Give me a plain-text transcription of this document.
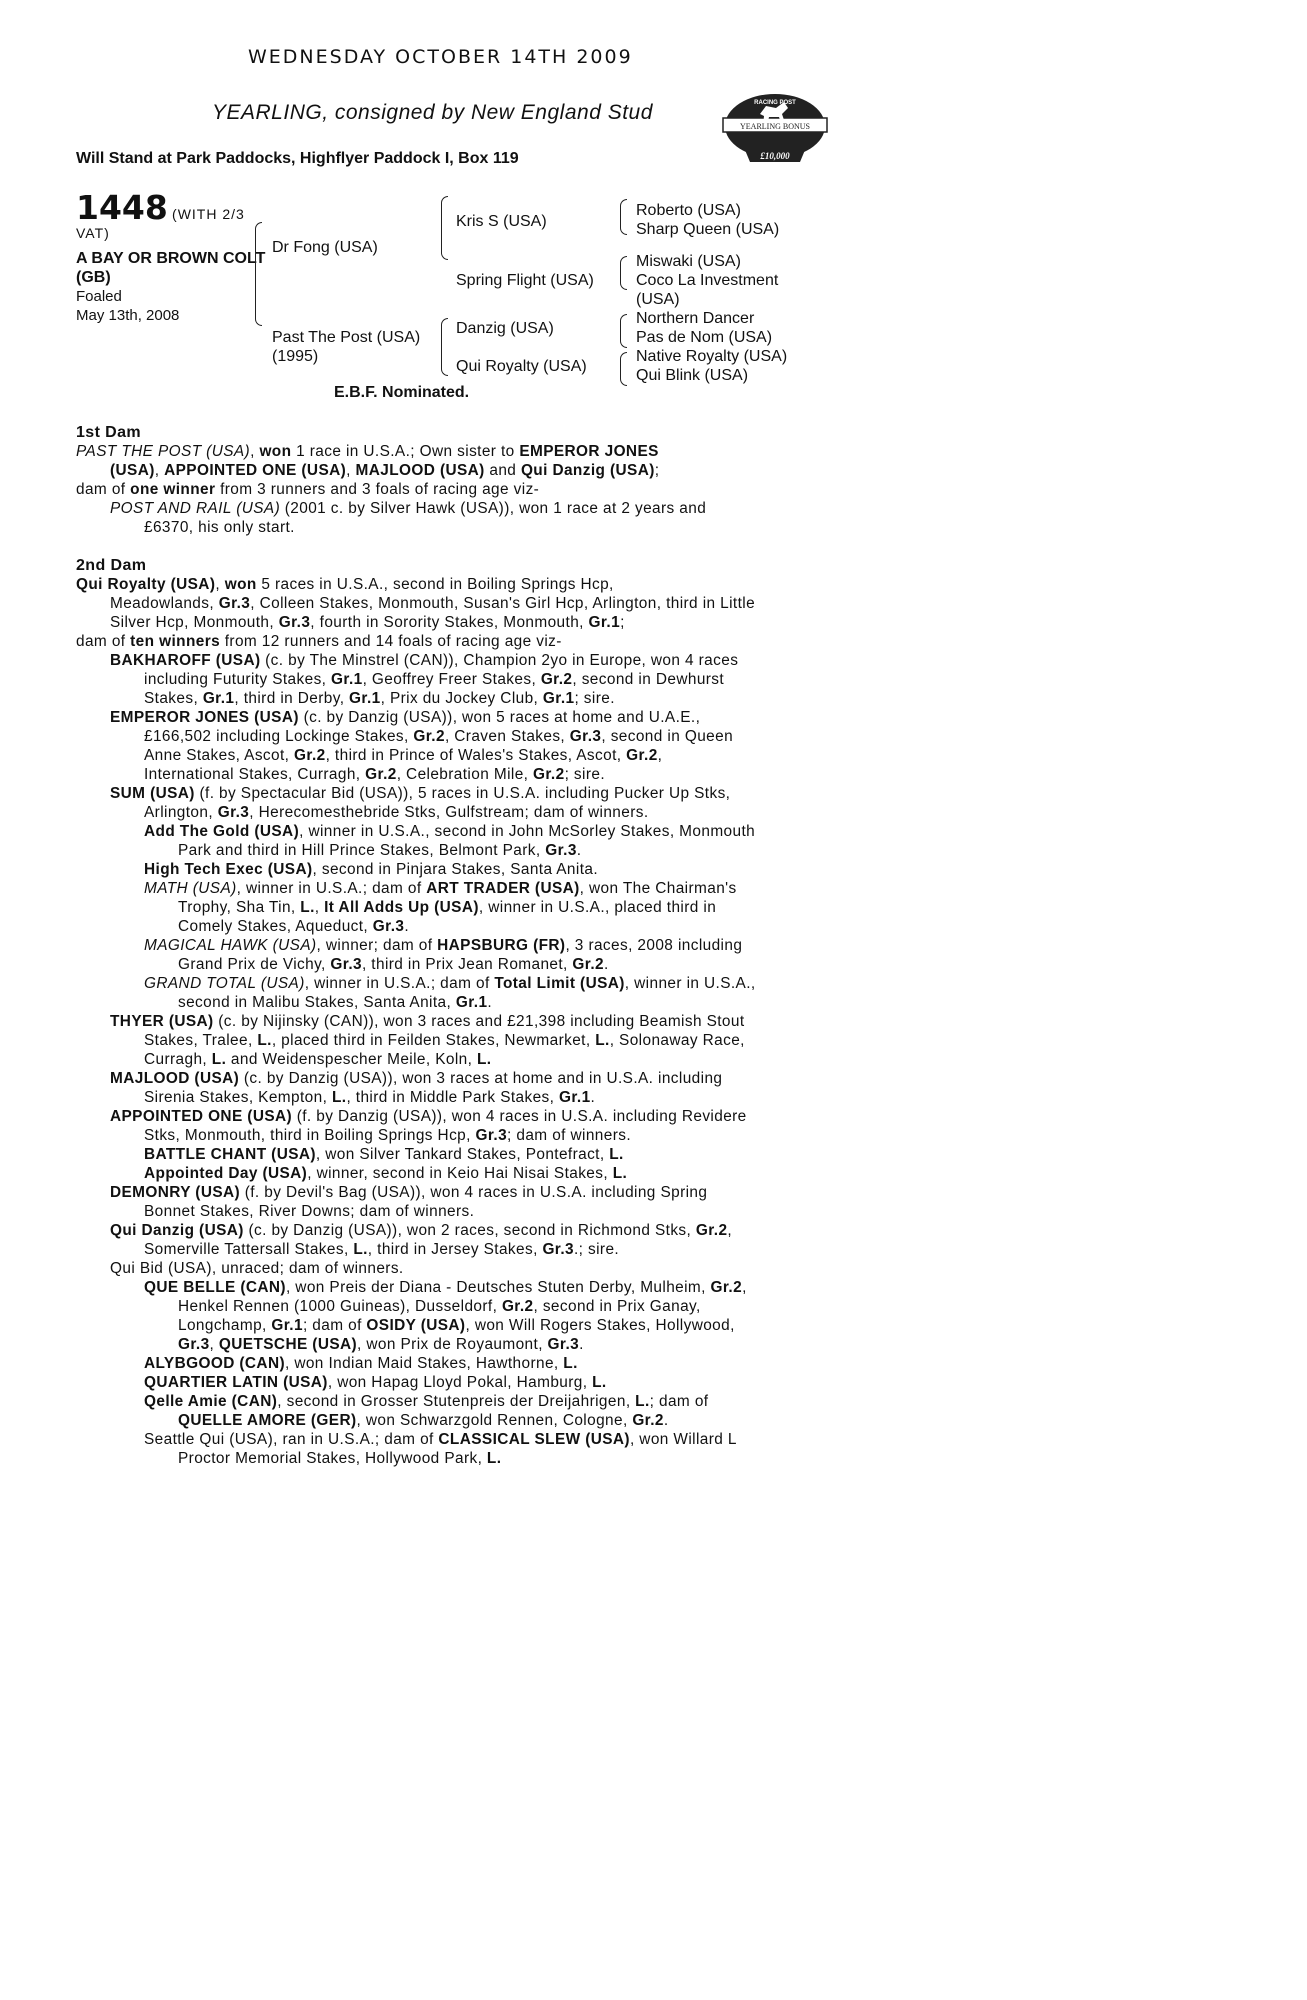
WEDNESDAY OCTOBER 14TH 2009
YEARLING, consigned by New England Stud
Will Stand at Park Paddocks, Highflyer Paddock I, Box 119
RACING POST
YEARLING BONUS
£10,000
1448 (WITH 2/3 VAT)
A BAY OR BROWN COLT (GB)
Foaled
May 13th, 2008
Dr Fong (USA)
Past The Post (USA)
(1995)
Kris S (USA)
Spring Flight (USA)
Danzig (USA)
Qui Royalty (USA)
Roberto (USA)
Sharp Queen (USA)
Miswaki (USA)
Coco La Investment
(USA)
Northern Dancer
Pas de Nom (USA)
Native Royalty (USA)
Qui Blink (USA)
E.B.F. Nominated.

1st Dam

PAST THE POST (USA), won 1 race in U.S.A.; Own sister to EMPEROR JONES

(USA), APPOINTED ONE (USA), MAJLOOD (USA) and Qui Danzig (USA);

dam of one winner from 3 runners and 3 foals of racing age viz-

POST AND RAIL (USA) (2001 c. by Silver Hawk (USA)), won 1 race at 2 years and £6370, his only start.

2nd Dam

Qui Royalty (USA), won 5 races in U.S.A., second in Boiling Springs Hcp,

Meadowlands, Gr.3, Colleen Stakes, Monmouth, Susan's Girl Hcp, Arlington, third in Little Silver Hcp, Monmouth, Gr.3, fourth in Sorority Stakes, Monmouth, Gr.1;

dam of ten winners from 12 runners and 14 foals of racing age viz-

BAKHAROFF (USA) (c. by The Minstrel (CAN)), Champion 2yo in Europe, won 4 races including Futurity Stakes, Gr.1, Geoffrey Freer Stakes, Gr.2, second in Dewhurst Stakes, Gr.1, third in Derby, Gr.1, Prix du Jockey Club, Gr.1; sire.

EMPEROR JONES (USA) (c. by Danzig (USA)), won 5 races at home and U.A.E., £166,502 including Lockinge Stakes, Gr.2, Craven Stakes, Gr.3, second in Queen Anne Stakes, Ascot, Gr.2, third in Prince of Wales's Stakes, Ascot, Gr.2, International Stakes, Curragh, Gr.2, Celebration Mile, Gr.2; sire.

SUM (USA) (f. by Spectacular Bid (USA)), 5 races in U.S.A. including Pucker Up Stks, Arlington, Gr.3, Herecomesthebride Stks, Gulfstream; dam of winners.

Add The Gold (USA), winner in U.S.A., second in John McSorley Stakes, Monmouth Park and third in Hill Prince Stakes, Belmont Park, Gr.3.

High Tech Exec (USA), second in Pinjara Stakes, Santa Anita.

MATH (USA), winner in U.S.A.; dam of ART TRADER (USA), won The Chairman's Trophy, Sha Tin, L., It All Adds Up (USA), winner in U.S.A., placed third in Comely Stakes, Aqueduct, Gr.3.

MAGICAL HAWK (USA), winner; dam of HAPSBURG (FR), 3 races, 2008 including Grand Prix de Vichy, Gr.3, third in Prix Jean Romanet, Gr.2.

GRAND TOTAL (USA), winner in U.S.A.; dam of Total Limit (USA), winner in U.S.A., second in Malibu Stakes, Santa Anita, Gr.1.

THYER (USA) (c. by Nijinsky (CAN)), won 3 races and £21,398 including Beamish Stout Stakes, Tralee, L., placed third in Feilden Stakes, Newmarket, L., Solonaway Race, Curragh, L. and Weidenspescher Meile, Koln, L.

MAJLOOD (USA) (c. by Danzig (USA)), won 3 races at home and in U.S.A. including Sirenia Stakes, Kempton, L., third in Middle Park Stakes, Gr.1.

APPOINTED ONE (USA) (f. by Danzig (USA)), won 4 races in U.S.A. including Revidere Stks, Monmouth, third in Boiling Springs Hcp, Gr.3; dam of winners.

BATTLE CHANT (USA), won Silver Tankard Stakes, Pontefract, L.

Appointed Day (USA), winner, second in Keio Hai Nisai Stakes, L.

DEMONRY (USA) (f. by Devil's Bag (USA)), won 4 races in U.S.A. including Spring Bonnet Stakes, River Downs; dam of winners.

Qui Danzig (USA) (c. by Danzig (USA)), won 2 races, second in Richmond Stks, Gr.2, Somerville Tattersall Stakes, L., third in Jersey Stakes, Gr.3.; sire.

Qui Bid (USA), unraced; dam of winners.

QUE BELLE (CAN), won Preis der Diana - Deutsches Stuten Derby, Mulheim, Gr.2, Henkel Rennen (1000 Guineas), Dusseldorf, Gr.2, second in Prix Ganay, Longchamp, Gr.1; dam of OSIDY (USA), won Will Rogers Stakes, Hollywood, Gr.3, QUETSCHE (USA), won Prix de Royaumont, Gr.3.

ALYBGOOD (CAN), won Indian Maid Stakes, Hawthorne, L.

QUARTIER LATIN (USA), won Hapag Lloyd Pokal, Hamburg, L.

Qelle Amie (CAN), second in Grosser Stutenpreis der Dreijahrigen, L.; dam of QUELLE AMORE (GER), won Schwarzgold Rennen, Cologne, Gr.2.

Seattle Qui (USA), ran in U.S.A.; dam of CLASSICAL SLEW (USA), won Willard L Proctor Memorial Stakes, Hollywood Park, L.
